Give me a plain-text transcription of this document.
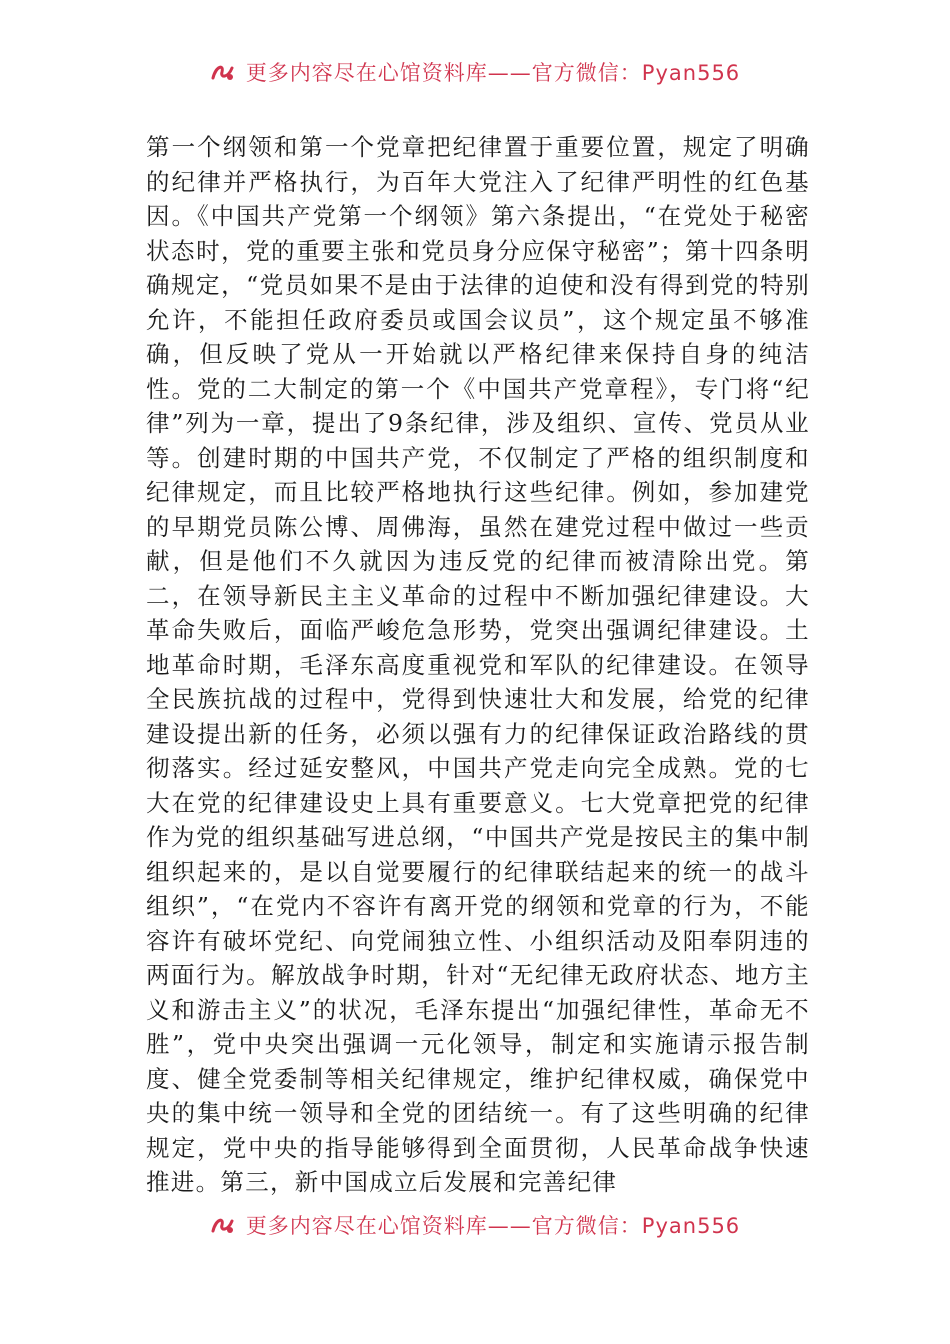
更多内容尽在心馆资料库——官方微信：Pyan556

第一个纲领和第一个党章把纪律置于重要位置，规定了明确的纪律并严格执行，为百年大党注入了纪律严明性的红色基因。《中国共产党第一个纲领》第六条提出，“在党处于秘密状态时，党的重要主张和党员身分应保守秘密”；第十四条明确规定，“党员如果不是由于法律的迫使和没有得到党的特别允许，不能担任政府委员或国会议员”，这个规定虽不够准确，但反映了党从一开始就以严格纪律来保持自身的纯洁性。党的二大制定的第一个《中国共产党章程》，专门将“纪律”列为一章，提出了9条纪律，涉及组织、宣传、党员从业等。创建时期的中国共产党，不仅制定了严格的组织制度和纪律规定，而且比较严格地执行这些纪律。例如，参加建党的早期党员陈公博、周佛海，虽然在建党过程中做过一些贡献，但是他们不久就因为违反党的纪律而被清除出党。第二，在领导新民主主义革命的过程中不断加强纪律建设。大革命失败后，面临严峻危急形势，党突出强调纪律建设。土地革命时期，毛泽东高度重视党和军队的纪律建设。在领导全民族抗战的过程中，党得到快速壮大和发展，给党的纪律建设提出新的任务，必须以强有力的纪律保证政治路线的贯彻落实。经过延安整风，中国共产党走向完全成熟。党的七大在党的纪律建设史上具有重要意义。七大党章把党的纪律作为党的组织基础写进总纲，“中国共产党是按民主的集中制组织起来的，是以自觉要履行的纪律联结起来的统一的战斗组织”，“在党内不容许有离开党的纲领和党章的行为，不能容许有破坏党纪、向党闹独立性、小组织活动及阳奉阴违的两面行为。解放战争时期，针对“无纪律无政府状态、地方主义和游击主义”的状况，毛泽东提出“加强纪律性，革命无不胜”，党中央突出强调一元化领导，制定和实施请示报告制度、健全党委制等相关纪律规定，维护纪律权威，确保党中央的集中统一领导和全党的团结统一。有了这些明确的纪律规定，党中央的指导能够得到全面贯彻，人民革命战争快速推进。第三，新中国成立后发展和完善纪律

更多内容尽在心馆资料库——官方微信：Pyan556
